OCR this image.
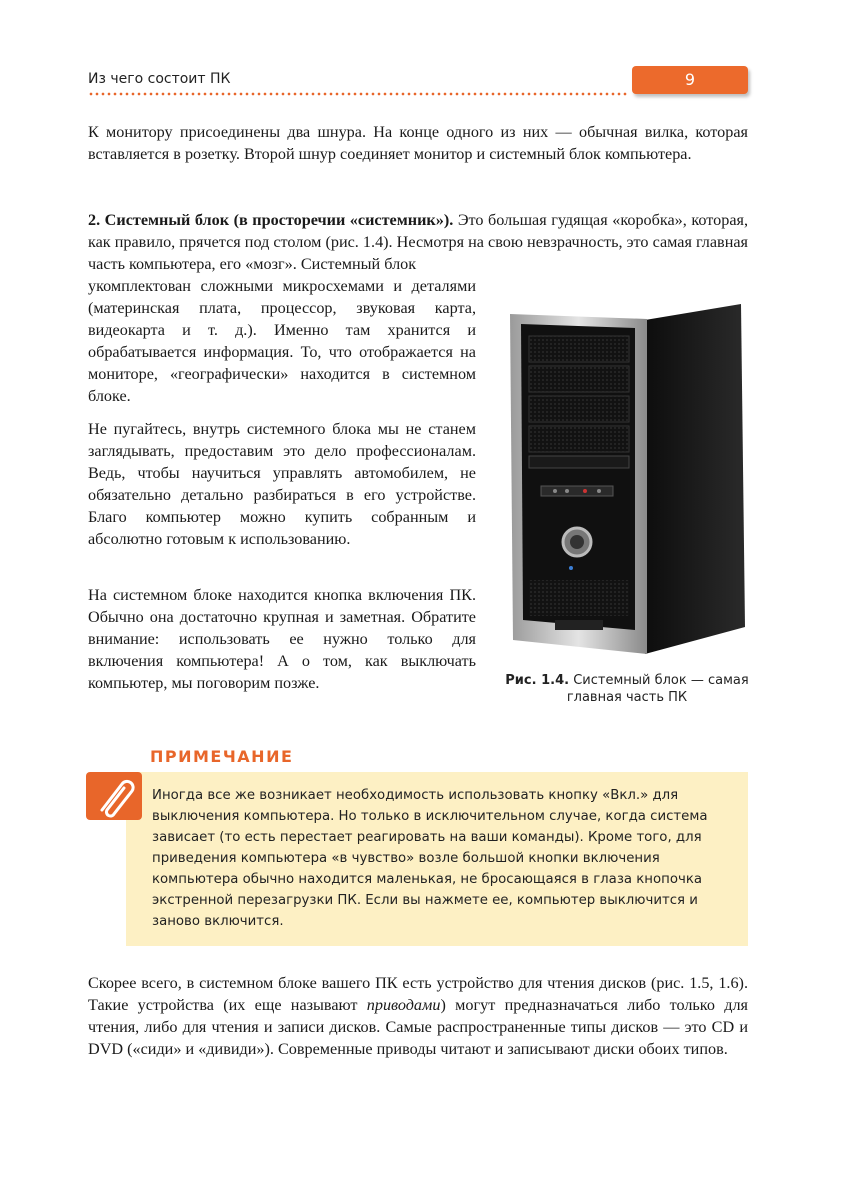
Из чего состоит ПК	9
К монитору присоединены два шнура. На конце одного из них — обычная вилка, которая вставляется в розетку. Второй шнур соединяет монитор и системный блок компьютера.
2. Системный блок (в просторечии «системник»). Это большая гудящая «коробка», которая, как правило, прячется под столом (рис. 1.4). Несмотря на свою невзрачность, это самая главная часть компьютера, его «мозг». Системный блок
укомплектован сложными микросхемами и деталями (материнская плата, процессор, звуковая карта, видеокарта и т. д.). Именно там хранится и обрабатывается информация. То, что отображается на мониторе, «географически» находится в системном блоке.
Не пугайтесь, внутрь системного блока мы не станем заглядывать, предоставим это дело профессионалам. Ведь, чтобы научиться управлять автомобилем, не обязательно детально разбираться в его устройстве. Благо компьютер можно купить собранным и абсолютно готовым к использованию.
На системном блоке находится кнопка включения ПК. Обычно она достаточно крупная и заметная. Обратите внимание: использовать ее нужно только для включения компьютера! А о том, как выключать компьютер, мы поговорим позже.	Рис. 1.4. Системный блок — самая главная часть ПК
ПРИМЕЧАНИЕ
Иногда все же возникает необходимость использовать кнопку «Вкл.» для выключения компьютера. Но только в исключительном случае, когда система зависает (то есть перестает реагировать на ваши команды). Кроме того, для приведения компьютера «в чувство» возле большой кнопки включения компьютера обычно находится маленькая, не бросающаяся в глаза кнопочка экстренной перезагрузки ПК. Если вы нажмете ее, компьютер выключится и заново включится.
Скорее всего, в системном блоке вашего ПК есть устройство для чтения дисков (рис. 1.5, 1.6). Такие устройства (их еще называют приводами) могут предназначаться либо только для чтения, либо для чтения и записи дисков. Самые распространенные типы дисков — это CD и DVD («сиди» и «дивиди»). Современные приводы читают и записывают диски обоих типов.
